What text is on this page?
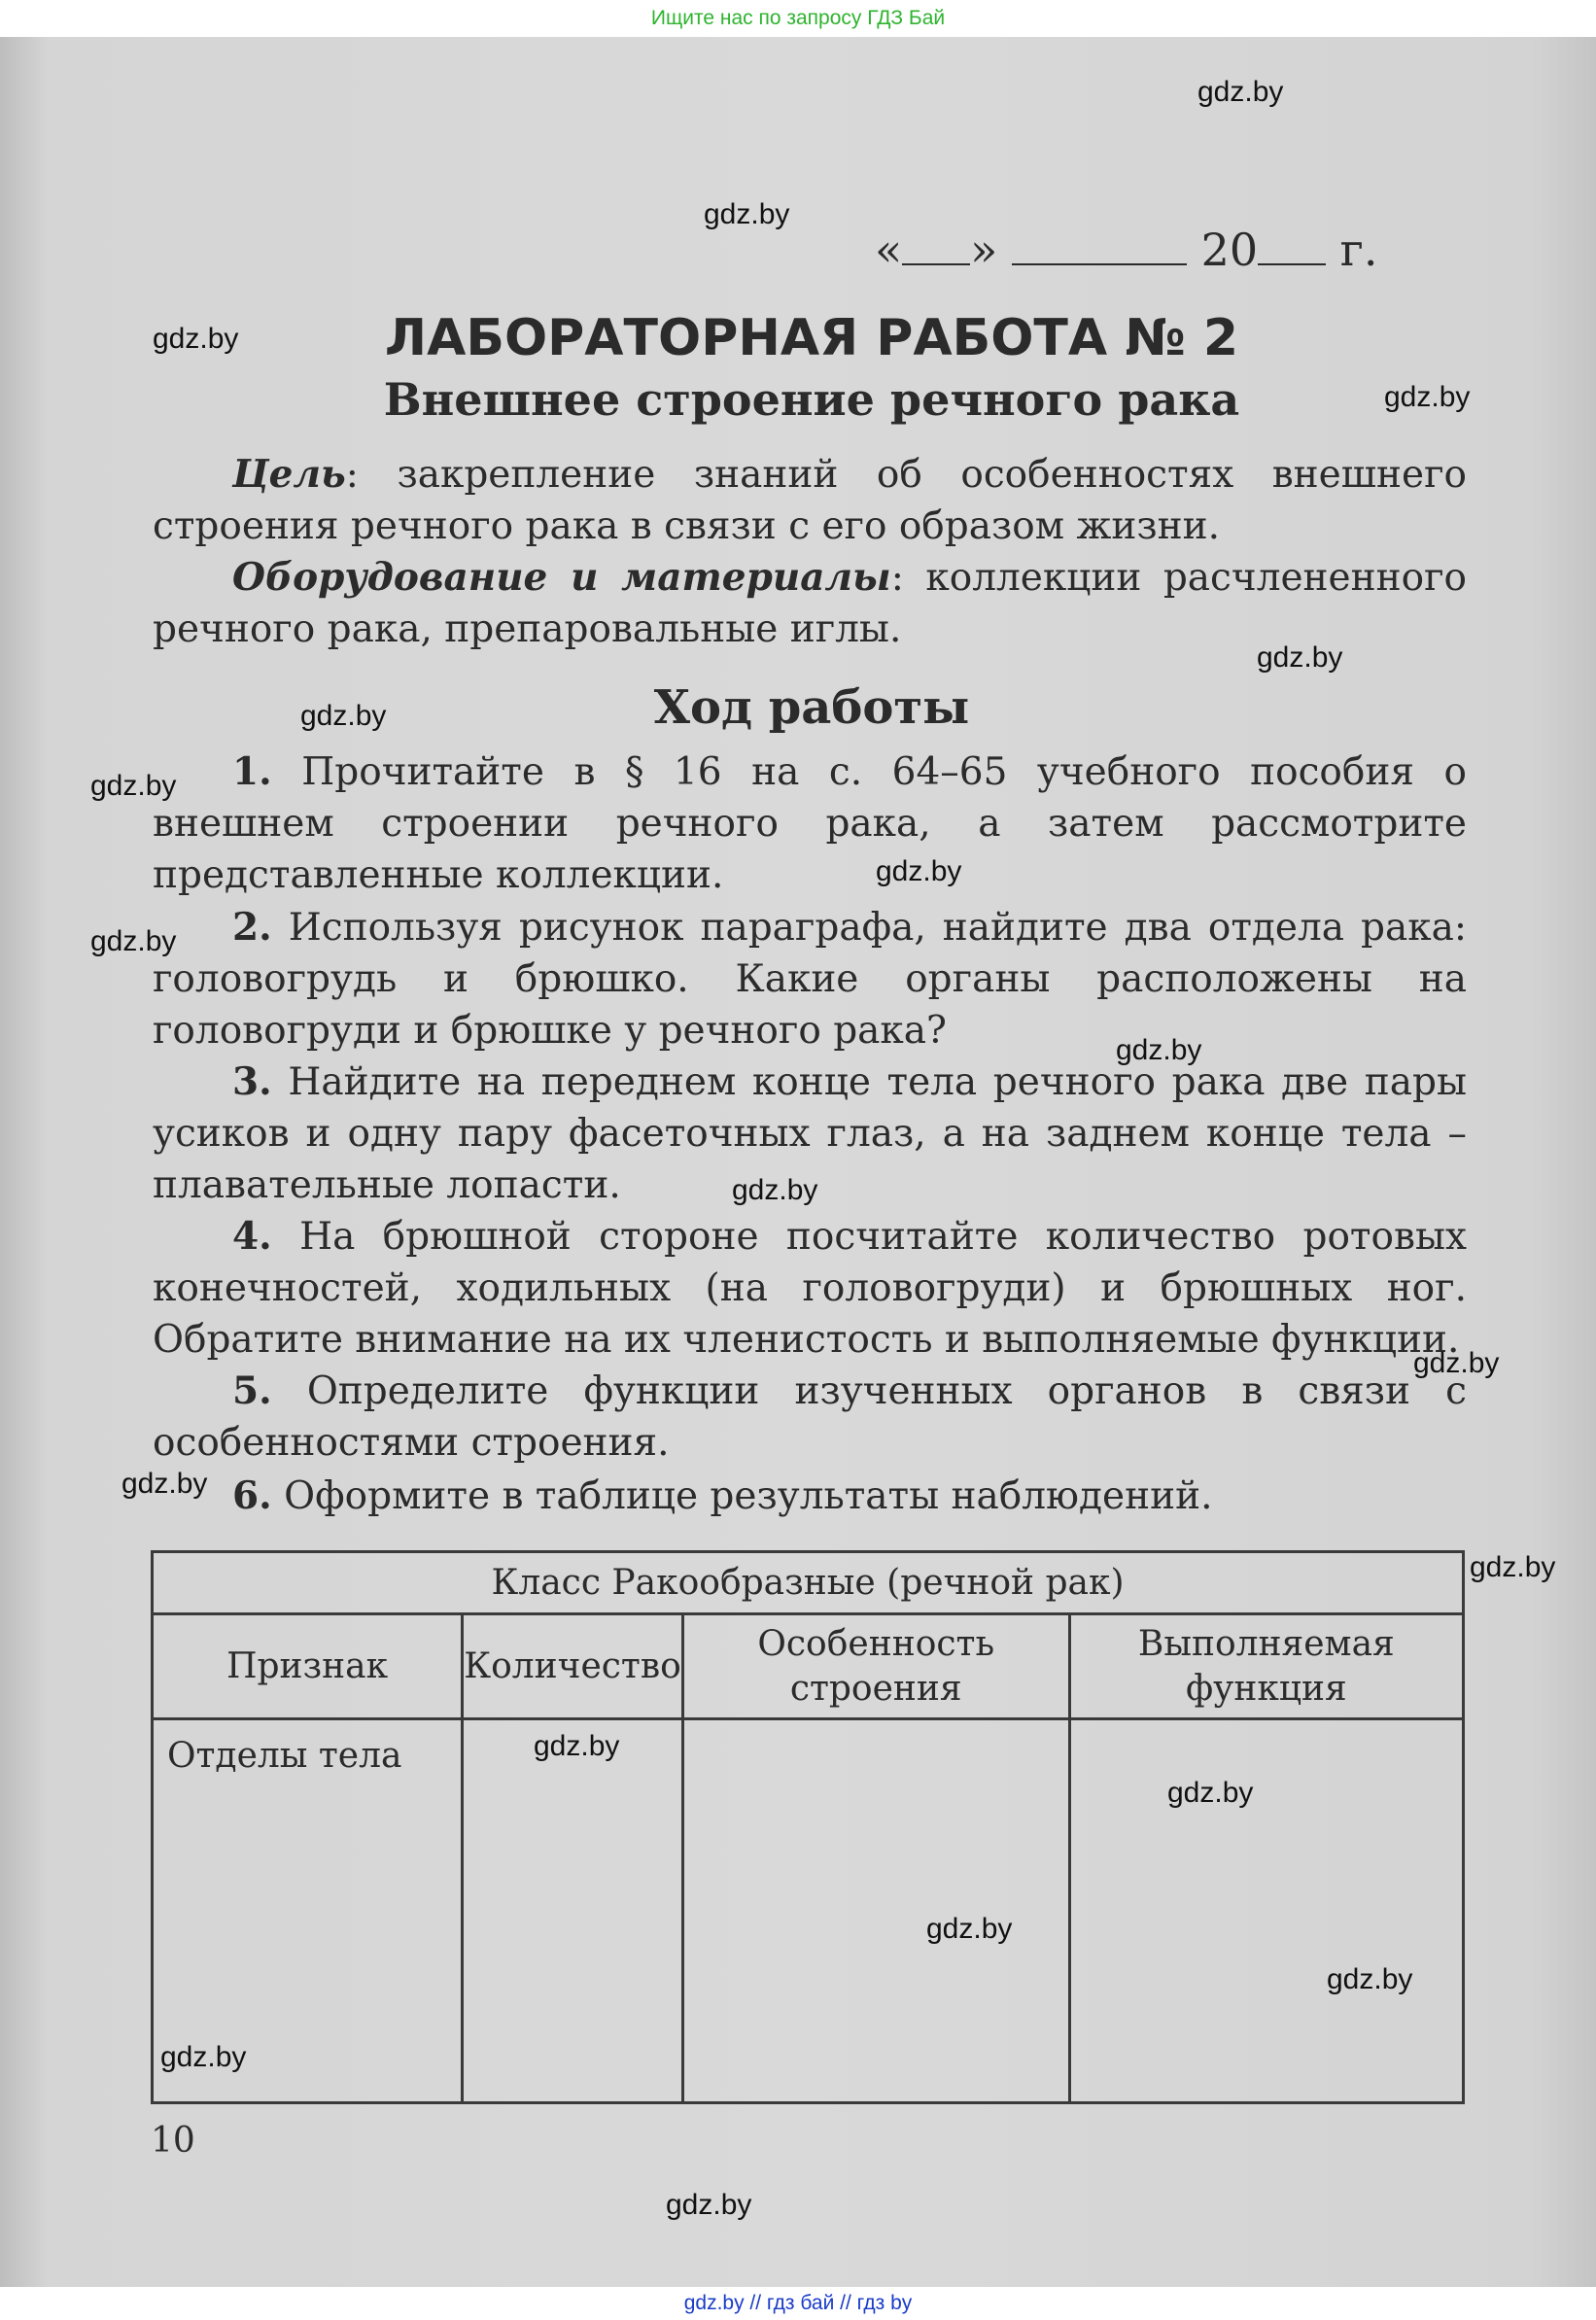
Ищите нас по запросу ГДЗ Бай
« »	20 г.
ЛАБОРАТОРНАЯ РАБОТА № 2
Внешнее строение речного рака
Цель: закрепление знаний об особенностях внешнего строения речного рака в связи с его образом жизни.
Оборудование и материалы: коллекции расчлененного речного рака, препаровальные иглы.
Ход работы
1. Прочитайте в § 16 на с. 64–65 учебного пособия о внешнем строении речного рака, а затем рассмотрите представленные коллекции.
2. Используя рисунок параграфа, найдите два отдела рака: головогрудь и брюшко. Какие органы расположены на головогруди и брюшке у речного рака?
3. Найдите на переднем конце тела речного рака две пары усиков и одну пару фасеточных глаз, а на заднем конце тела – плавательные лопасти.
4. На брюшной стороне посчитайте количество ротовых конечностей, ходильных (на головогруди) и брюшных ног. Обратите внимание на их членистость и выполняемые функции.
5. Определите функции изученных органов в связи с особенностями строения.
6. Оформите в таблице результаты наблюдений.
Класс Ракообразные (речной рак)			
Признак	Количество	Особенность строения	Выполняемая функция
Отделы тела			
10
gdz.by
gdz.by
gdz.by
gdz.by
gdz.by
gdz.by
gdz.by
gdz.by
gdz.by
gdz.by
gdz.by
gdz.by
gdz.by
gdz.by
gdz.by
gdz.by
gdz.by
gdz.by
gdz.by
gdz.by
gdz.by // гдз бай // гдз by
